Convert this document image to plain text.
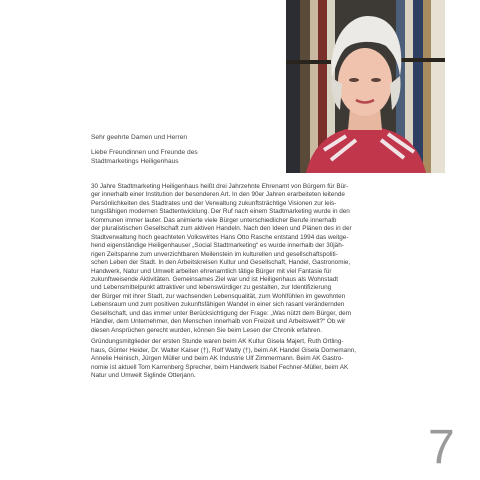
Sehr geehrte Damen und Herren

Liebe Freundinnen und Freunde des

Stadtmarketings Heiligenhaus

30 Jahre Stadtmarketing Heiligenhaus heißt drei Jahrzehnte Ehrenamt von Bürgern für Bür-
ger innerhalb einer Institution der besonderen Art. In den 90er Jahren erarbeiteten leitende
Persönlichkeiten des Stadtrates und der Verwaltung zukunftsträchtige Visionen zur leis-
tungsfähigen modernen Stadtentwicklung. Der Ruf nach einem Stadtmarketing wurde in den
Kommunen immer lauter. Das animierte viele Bürger unterschiedlicher Berufe innerhalb
der pluralistischen Gesellschaft zum aktiven Handeln. Nach den Ideen und Plänen des in der
Stadtverwaltung hoch geachteten Volkswirtes Hans Otto Rasche entstand 1994 das weitge-
hend eigenständige Heiligenhauser „Social Stadtmarketing“ es wurde innerhalb der 30jäh-
rigen Zeitspanne zum unverzichtbaren Meilenstein im kulturellen und gesellschaftspoliti-
schen Leben der Stadt. In den Arbeitskreisen Kultur und Gesellschaft, Handel, Gastronomie,
Handwerk, Natur und Umwelt arbeiten ehrenamtlich tätige Bürger mit viel Fantasie für
zukunftweisende Aktivitäten. Gemeinsames Ziel war und ist Heiligenhaus als Wohnstadt
und Lebensmittelpunkt attraktiver und lebenswürdiger zu gestalten, zur Identifizierung
der Bürger mit ihrer Stadt, zur wachsenden Lebensqualität, zum Wohlfühlen im gewohnten
Lebensraum und zum positiven zukunftsfähigen Wandel in einer sich rasant verändernden
Gesellschaft, und das immer unter Berücksichtigung der Frage: „Was nützt dem Bürger, dem
Händler, dem Unternehmer, den Menschen innerhalb von Freizeit und Arbeitswelt?“ Ob wir
diesen Ansprüchen gerecht wurden, können Sie beim Lesen der Chronik erfahren.

Gründungsmitglieder der ersten Stunde waren beim AK Kultur Gisela Majert, Ruth Ortling-
haus, Günter Heider, Dr. Walter Kaiser (†), Rolf Watty (†), beim AK Handel Gisela Dornemann,
Annelie Heinisch, Jürgen Müller und beim AK Industrie Ulf Zimmermann. Beim AK Gastro-
nomie ist aktuell Tom Karrenberg Sprecher, beim Handwerk Isabel Fechner-Müller, beim AK
Natur und Umwelt Siglinde Otterjann.

7
